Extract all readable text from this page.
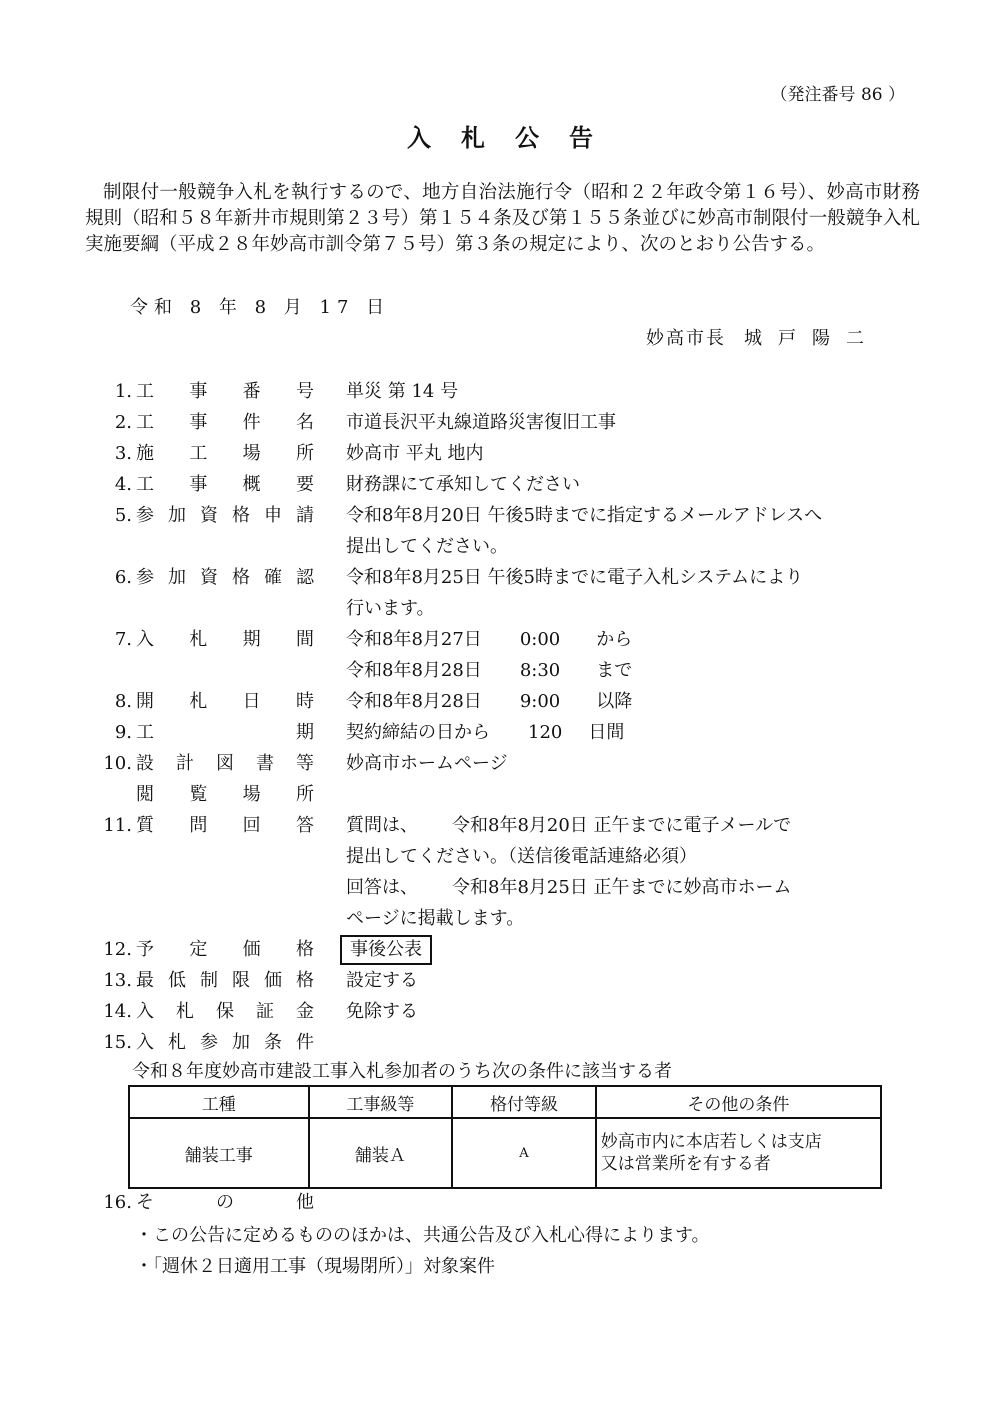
（発注番号 86 ）
入札公告

制限付一般競争入札を執行するので、地方自治法施行令（昭和２２年政令第１６号）、妙高市財務規則（昭和５８年新井市規則第２３号）第１５４条及び第１５５条並びに妙高市制限付一般競争入札実施要綱（平成２８年妙高市訓令第７５号）第３条の規定により、次のとおり公告する。

令和 8 年 8 月 17 日
妙高市長 城戸陽二
1. 工 事 番 号 単災 第 14 号
2. 工 事 件 名 市道長沢平丸線道路災害復旧工事
3. 施 工 場 所 妙高市 平丸 地内
4. 工 事 概 要 財務課にて承知してください
5. 参 加 資 格 申 請 令和8年8月20日 午後5時までに指定するメールアドレスへ
提出してください。
6. 参 加 資 格 確 認 令和8年8月25日 午後5時までに電子入札システムにより
行います。
7. 入 札 期 間 令和8年8月27日 0:00 から
令和8年8月28日 8:30 まで
8. 開 札 日 時 令和8年8月28日 9:00 以降
9. 工	期 契約締結の日から 120 日間
10. 設 計 図 書 等 妙高市ホームページ
閲 覧 場 所
11. 質 問 回 答 質問は、 令和8年8月20日 正午までに電子メールで
提出してください。（送信後電話連絡必須）
回答は、 令和8年8月25日 正午までに妙高市ホーム
ページに掲載します。
12. 予 定 価 格 事後公表
13. 最 低 制 限 価 格 設定する
14. 入 札 保 証 金 免除する
15. 入 札 参 加 条 件
令和８年度妙高市建設工事入札参加者のうち次の条件に該当する者
工種	工事級等	格付等級	その他の条件
舗装工事	舗装Ａ	A	妙高市内に本店若しくは支店
又は営業所を有する者
16. そ	の	他
・この公告に定めるもののほかは、共通公告及び入札心得によります。
・「週休２日適用工事（現場閉所）」対象案件
